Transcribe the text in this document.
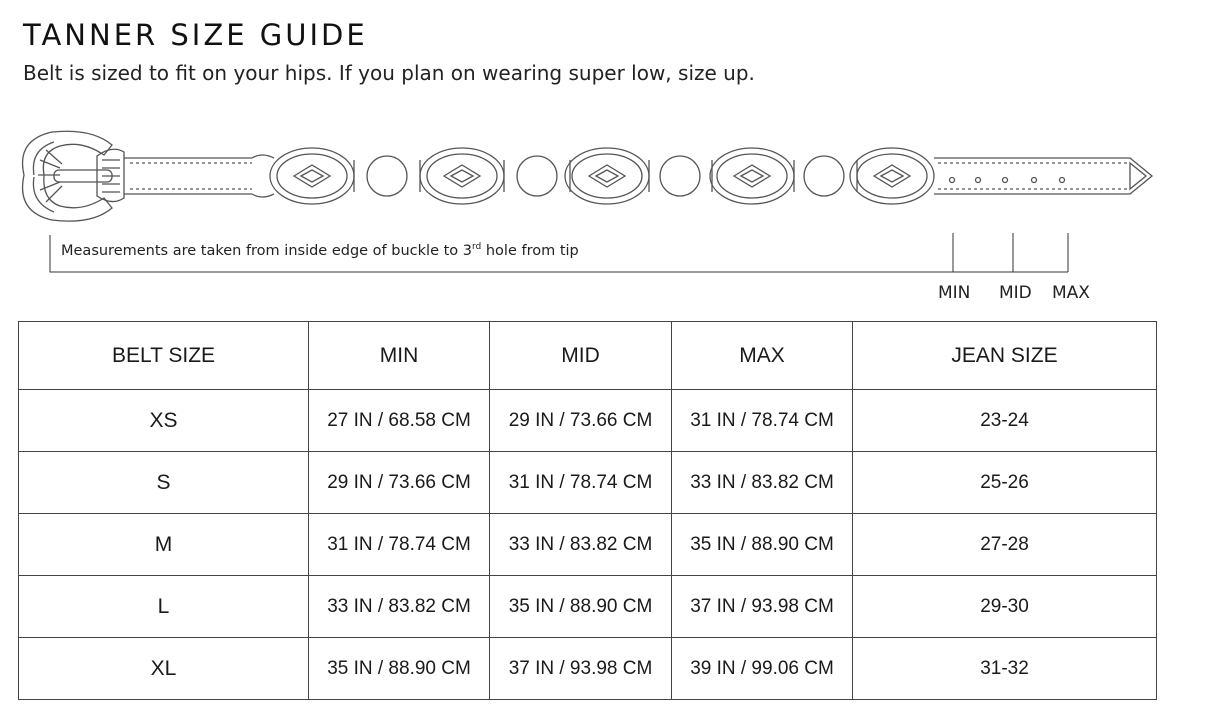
TANNER SIZE GUIDE

Belt is sized to fit on your hips. If you plan on wearing super low, size up.

Measurements are taken from inside edge of buckle to 3rd hole from tip
MIN MID MAX
BELT SIZE	MIN	MID	MAX	JEAN SIZE
XS	27 IN / 68.58 CM	29 IN / 73.66 CM	31 IN / 78.74 CM	23-24
S	29 IN / 73.66 CM	31 IN / 78.74 CM	33 IN / 83.82 CM	25-26
M	31 IN / 78.74 CM	33 IN / 83.82 CM	35 IN / 88.90 CM	27-28
L	33 IN / 83.82 CM	35 IN / 88.90 CM	37 IN / 93.98 CM	29-30
XL	35 IN / 88.90 CM	37 IN / 93.98 CM	39 IN / 99.06 CM	31-32
